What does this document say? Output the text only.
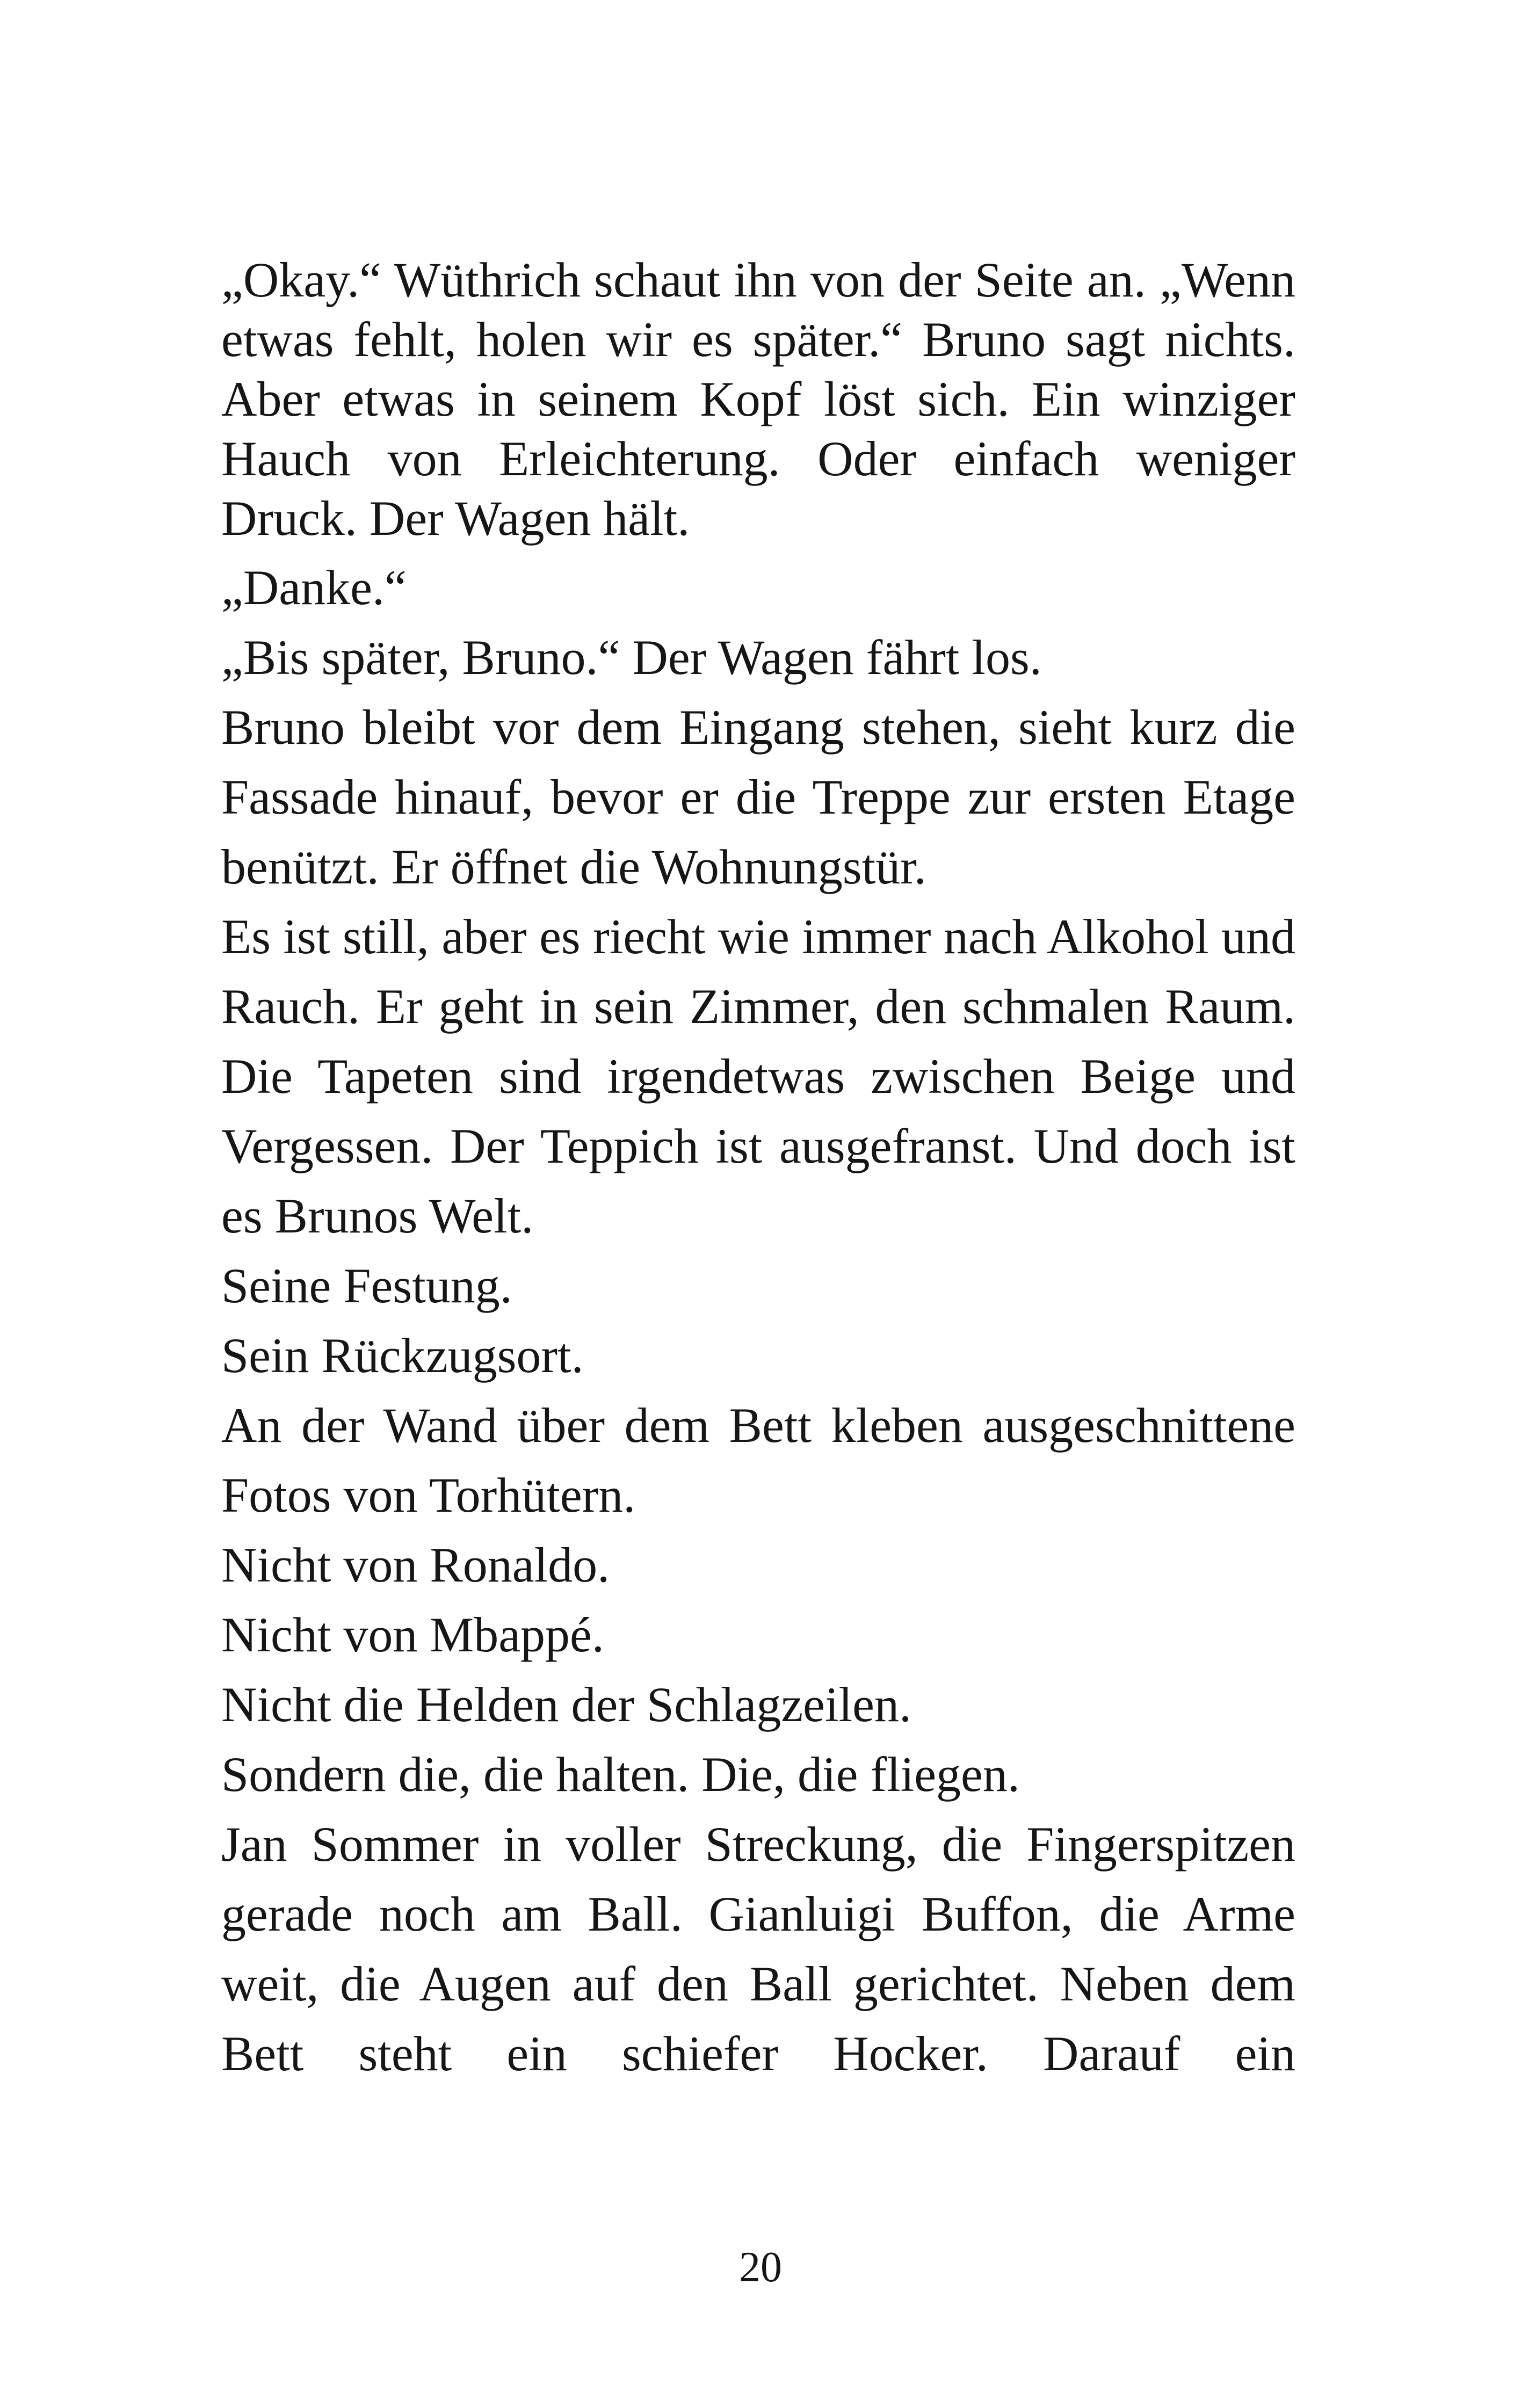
„Okay.“ Wüthrich schaut ihn von der Seite an. „Wenn etwas fehlt, holen wir es später.“ Bruno sagt nichts. Aber etwas in seinem Kopf löst sich. Ein winziger Hauch von Erleichterung. Oder einfach weniger Druck. Der Wagen hält.

„Danke.“

„Bis später, Bruno.“ Der Wagen fährt los.

Bruno bleibt vor dem Eingang stehen, sieht kurz die Fassade hinauf, bevor er die Treppe zur ersten Etage benützt. Er öffnet die Wohnungstür.

Es ist still, aber es riecht wie immer nach Alkohol und Rauch. Er geht in sein Zimmer, den schmalen Raum. Die Tapeten sind irgendetwas zwischen Beige und Vergessen. Der Teppich ist ausgefranst. Und doch ist es Brunos Welt.

Seine Festung.

Sein Rückzugsort.

An der Wand über dem Bett kleben ausgeschnittene Fotos von Torhütern.

Nicht von Ronaldo.

Nicht von Mbappé.

Nicht die Helden der Schlagzeilen.

Sondern die, die halten. Die, die fliegen.

Jan Sommer in voller Streckung, die Fingerspitzen gerade noch am Ball. Gianluigi Buffon, die Arme weit, die Augen auf den Ball gerichtet. Neben dem Bett steht ein schiefer Hocker. Darauf ein

20
